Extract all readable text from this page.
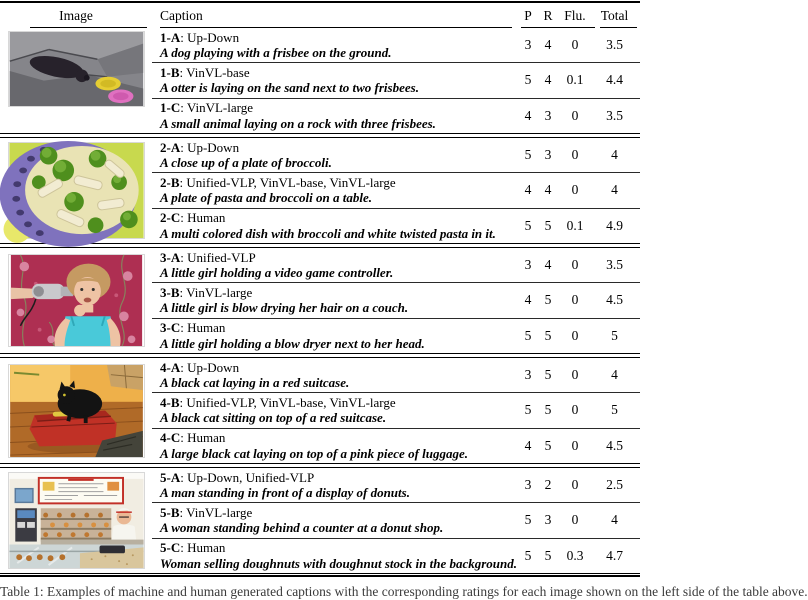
Image	Caption	P R Flu.	Total
1-A: Up-Down
A dog playing with a frisbee on the ground.
3 4	0	3.5
1-B: VinVL-base
A otter is laying on the sand next to two frisbees.
5 4	0.1	4.4
1-C: VinVL-large
A small animal laying on a rock with three frisbees.
4 3	0	3.5
2-A: Up-Down
A close up of a plate of broccoli.
5 3	0	4
2-B: Unified-VLP, VinVL-base, VinVL-large
A plate of pasta and broccoli on a table.
4 4	0	4
2-C: Human
A multi colored dish with broccoli and white twisted pasta in it.
5 5	0.1	4.9
3-A: Unified-VLP
A little girl holding a video game controller.
3 4	0	3.5
3-B: VinVL-large
A little girl is blow drying her hair on a couch.
4 5	0	4.5
3-C: Human
A little girl holding a blow dryer next to her head.
5 5	0	5
4-A: Up-Down
A black cat laying in a red suitcase.
3 5	0	4
4-B: Unified-VLP, VinVL-base, VinVL-large
A black cat sitting on top of a red suitcase.
5 5	0	5
4-C: Human
A large black cat laying on top of a pink piece of luggage.
4 5	0	4.5
5-A: Up-Down, Unified-VLP
A man standing in front of a display of donuts.
3 2	0	2.5
5-B: VinVL-large
A woman standing behind a counter at a donut shop.
5 3	0	4
5-C: Human
Woman selling doughnuts with doughnut stock in the background.
5 5	0.3	4.7
Table 1: Examples of machine and human generated captions with the corresponding ratings for each image shown on the left side of the table above.
